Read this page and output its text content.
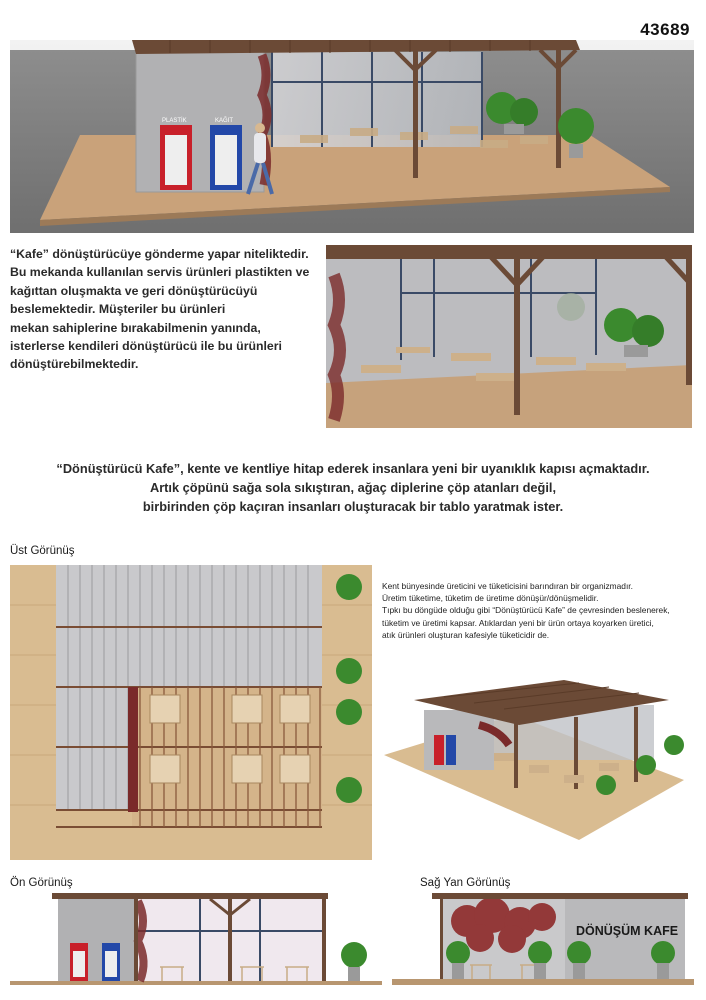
43689
PLASTİK	KAĞIT
“Kafe” dönüştürücüye gönderme yapar niteliktedir.
Bu mekanda kullanılan servis ürünleri plastikten ve
kağıttan oluşmakta ve geri dönüştürücüyü
beslemektedir. Müşteriler bu ürünleri
mekan sahiplerine bırakabilmenin yanında,
isterlerse kendileri dönüştürücü ile bu ürünleri
dönüştürebilmektedir.
“Dönüştürücü Kafe”, kente ve kentliye hitap ederek insanlara yeni bir uyanıklık kapısı açmaktadır.
Artık çöpünü sağa sola sıkıştıran, ağaç diplerine çöp atanları değil,
birbirinden çöp kaçıran insanları oluşturacak bir tablo yaratmak ister.
Üst Görünüş
Kent bünyesinde üreticini ve tüketicisini barındıran bir organizmadır.
Üretim tüketime, tüketim de üretime dönüşür/dönüşmelidir.
Tıpkı bu döngüde olduğu gibi “Dönüştürücü Kafe” de çevresinden beslenerek,
tüketim ve üretimi kapsar. Atıklardan yeni bir ürün ortaya koyarken üretici,
atık ürünleri oluşturan kafesiyle tüketicidir de.
Ön Görünüş	Sağ Yan Görünüş
DÖNÜŞÜM KAFE
